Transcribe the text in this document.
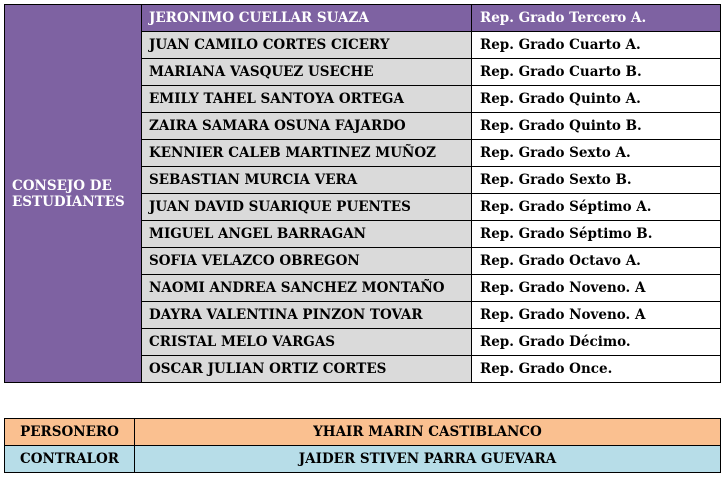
CONSEJO DE ESTUDIANTES	JERONIMO CUELLAR SUAZA	Rep. Grado Tercero A.
	JUAN CAMILO CORTES CICERY	Rep. Grado Cuarto A.
	MARIANA VASQUEZ USECHE	Rep. Grado Cuarto B.
	EMILY TAHEL SANTOYA ORTEGA	Rep. Grado Quinto A.
	ZAIRA SAMARA OSUNA FAJARDO	Rep. Grado Quinto B.
	KENNIER CALEB MARTINEZ MUÑOZ	Rep. Grado Sexto A.
	SEBASTIAN MURCIA VERA	Rep. Grado Sexto B.
	JUAN DAVID SUARIQUE PUENTES	Rep. Grado Séptimo A.
	MIGUEL ANGEL BARRAGAN	Rep. Grado Séptimo B.
	SOFIA VELAZCO OBREGON	Rep. Grado Octavo A.
	NAOMI ANDREA SANCHEZ MONTAÑO	Rep. Grado Noveno. A
	DAYRA VALENTINA PINZON TOVAR	Rep. Grado Noveno. A
	CRISTAL MELO VARGAS	Rep. Grado Décimo.
	OSCAR JULIAN ORTIZ CORTES	Rep. Grado Once.
PERSONERO	YHAIR MARIN CASTIBLANCO
CONTRALOR	JAIDER STIVEN PARRA GUEVARA
